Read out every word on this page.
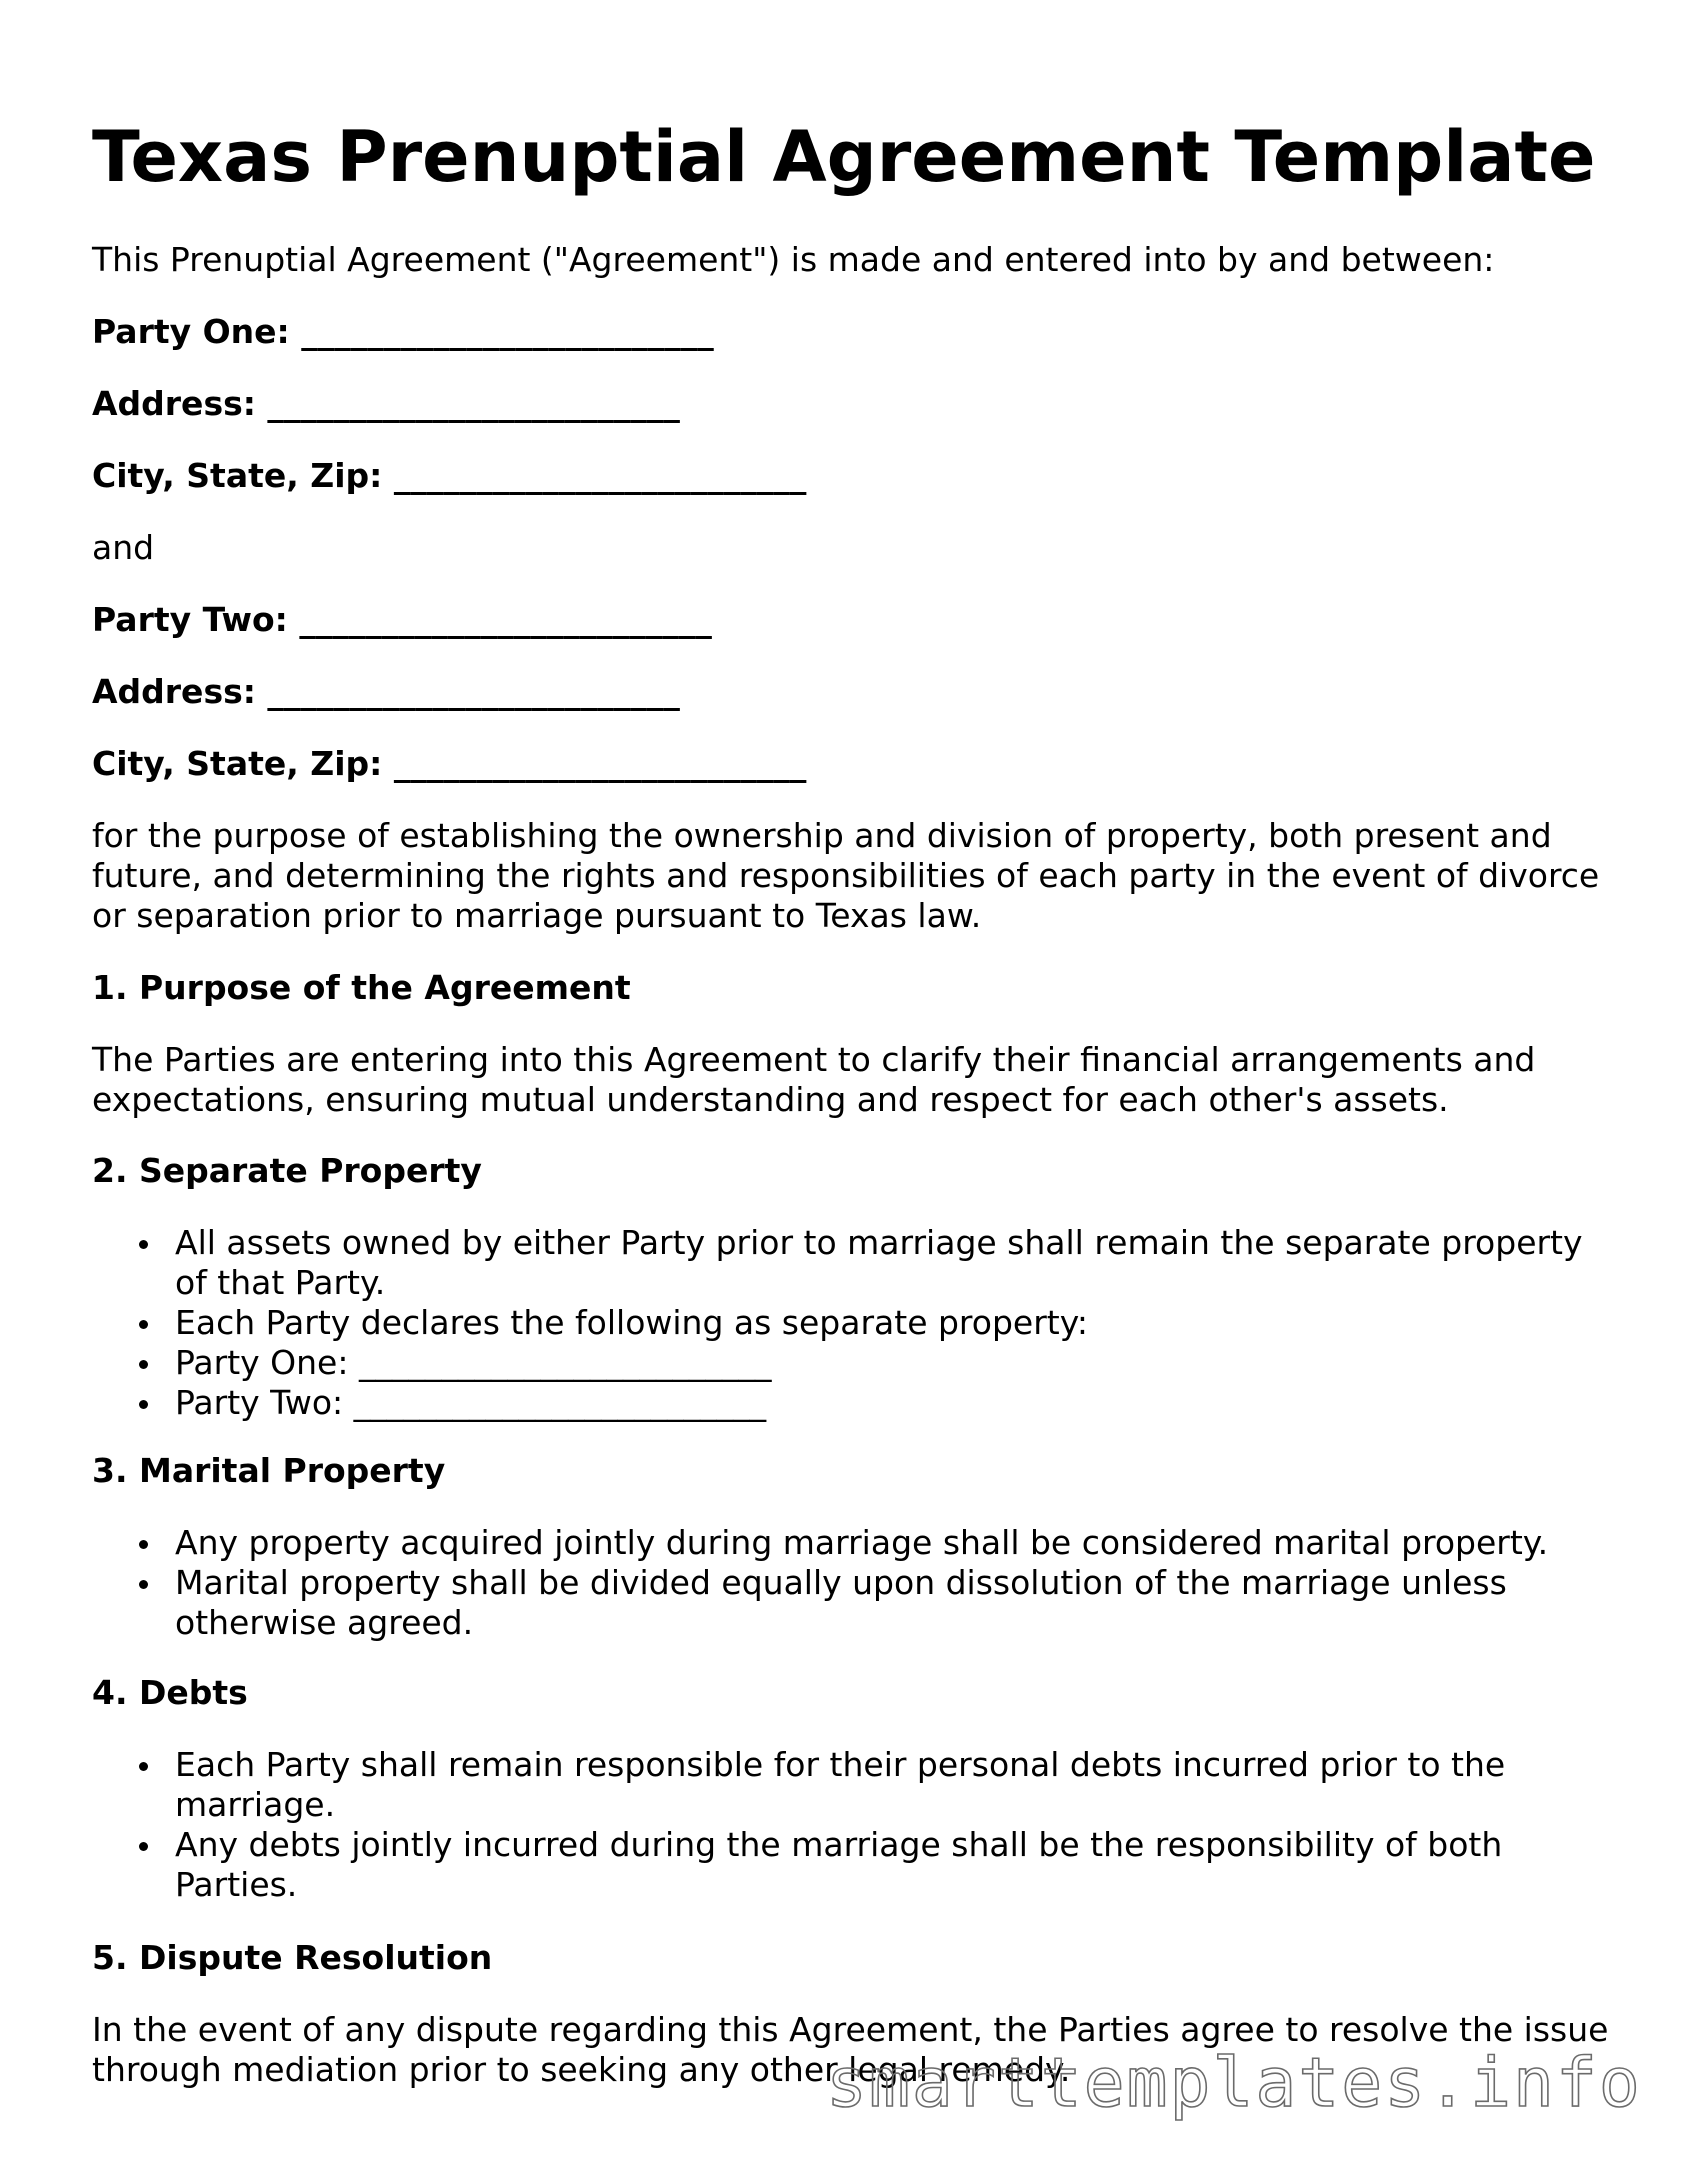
Texas Prenuptial Agreement Template

This Prenuptial Agreement ("Agreement") is made and entered into by and between:

Party One: _________________________

Address: _________________________

City, State, Zip: _________________________

and

Party Two: _________________________

Address: _________________________

City, State, Zip: _________________________

for the purpose of establishing the ownership and division of property, both present and future, and determining the rights and responsibilities of each party in the event of divorce or separation prior to marriage pursuant to Texas law.

1. Purpose of the Agreement

The Parties are entering into this Agreement to clarify their financial arrangements and expectations, ensuring mutual understanding and respect for each other's assets.

2. Separate Property

All assets owned by either Party prior to marriage shall remain the separate property of that Party.
Each Party declares the following as separate property:
Party One: _________________________
Party Two: _________________________

3. Marital Property

Any property acquired jointly during marriage shall be considered marital property.
Marital property shall be divided equally upon dissolution of the marriage unless otherwise agreed.

4. Debts

Each Party shall remain responsible for their personal debts incurred prior to the marriage.
Any debts jointly incurred during the marriage shall be the responsibility of both Parties.

5. Dispute Resolution

In the event of any dispute regarding this Agreement, the Parties agree to resolve the issue through mediation prior to seeking any other legal remedy.

smarttemplates.info
